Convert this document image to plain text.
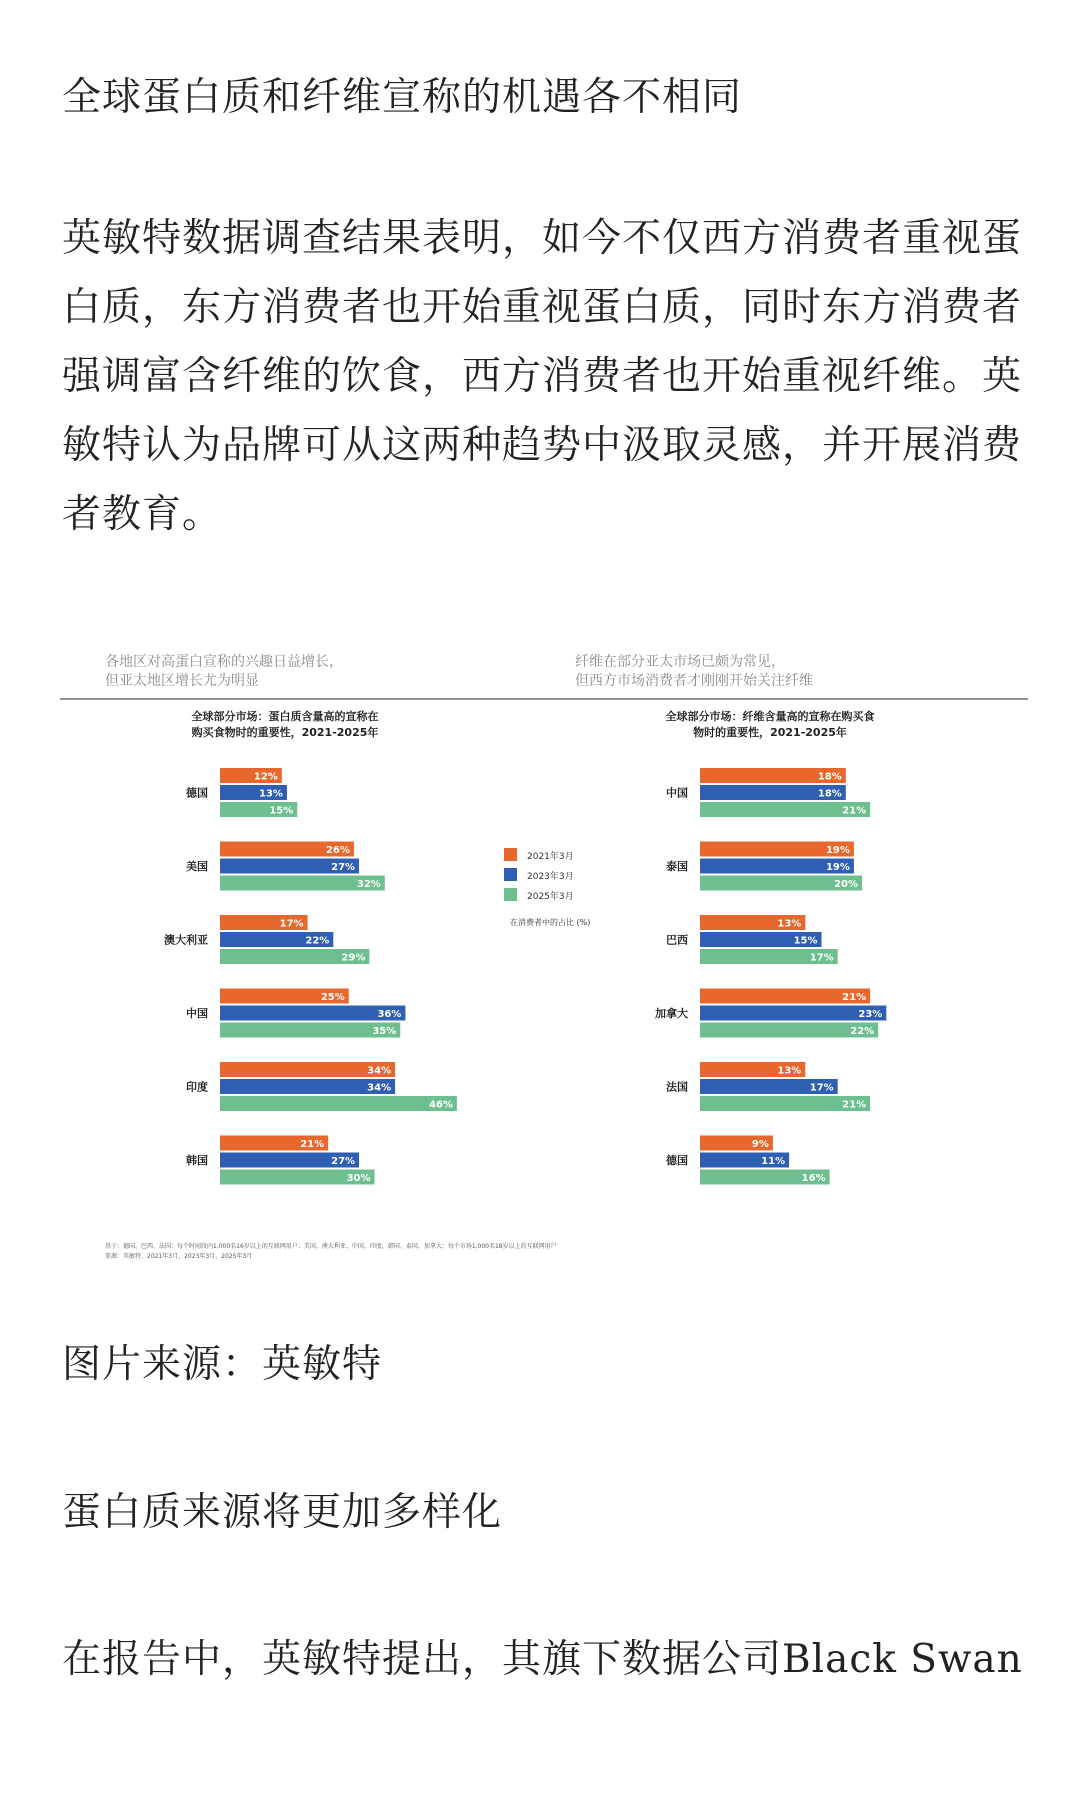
全球蛋白质和纤维宣称的机遇各不相同

英敏特数据调查结果表明，如今不仅西方消费者重视蛋白质，东方消费者也开始重视蛋白质，同时东方消费者强调富含纤维的饮食，西方消费者也开始重视纤维。英敏特认为品牌可从这两种趋势中汲取灵感，并开展消费者教育。

各地区对高蛋白宣称的兴趣日益增长，
但亚太地区增长尤为明显
纤维在部分亚太市场已颇为常见，
但西方市场消费者才刚刚开始关注纤维
全球部分市场：蛋白质含量高的宣称在
购买食物时的重要性，2021-2025年
全球部分市场：纤维含量高的宣称在购买食
物时的重要性，2021-2025年
2021年3月
2023年3月
2025年3月
在消费者中的占比 (%)
德国
12%
13%
15%
美国
26%
27%
32%
澳大利亚
17%
22%
29%
中国
25%
36%
35%
印度
34%
34%
46%
韩国
21%
27%
30%
中国
18%
18%
21%
泰国
19%
19%
20%
巴西
13%
15%
17%
加拿大
21%
23%
22%
法国
13%
17%
21%
德国
9%
11%
16%
基于：德国、巴西、法国：每个时间段内1,000名16岁以上的互联网用户；美国、澳大利亚、中国、印度、韩国、泰国、加拿大：每个市场1,000名18岁以上的互联网用户
来源：英敏特，2021年3月，2023年3月，2025年3月

图片来源：英敏特

蛋白质来源将更加多样化

在报告中，英敏特提出，其旗下数据公司Black Swan
